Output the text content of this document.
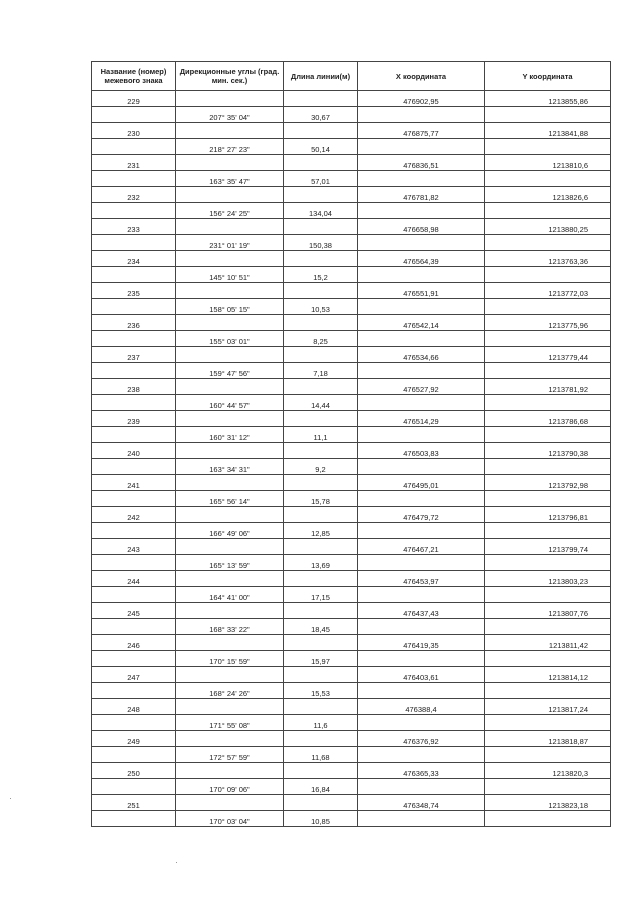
Название (номер) межевого знака	Дирекционные углы (град. мин. сек.)	Длина линии(м)	X координата	Y координата
229			476902,95	1213855,86
	207° 35' 04"	30,67		
230			476875,77	1213841,88
	218° 27' 23"	50,14		
231			476836,51	1213810,6
	163° 35' 47"	57,01		
232			476781,82	1213826,6
	156° 24' 25"	134,04		
233			476658,98	1213880,25
	231° 01' 19"	150,38		
234			476564,39	1213763,36
	145° 10' 51"	15,2		
235			476551,91	1213772,03
	158° 05' 15"	10,53		
236			476542,14	1213775,96
	155° 03' 01"	8,25		
237			476534,66	1213779,44
	159° 47' 56"	7,18		
238			476527,92	1213781,92
	160° 44' 57"	14,44		
239			476514,29	1213786,68
	160° 31' 12"	11,1		
240			476503,83	1213790,38
	163° 34' 31"	9,2		
241			476495,01	1213792,98
	165° 56' 14"	15,78		
242			476479,72	1213796,81
	166° 49' 06"	12,85		
243			476467,21	1213799,74
	165° 13' 59"	13,69		
244			476453,97	1213803,23
	164° 41' 00"	17,15		
245			476437,43	1213807,76
	168° 33' 22"	18,45		
246			476419,35	1213811,42
	170° 15' 59"	15,97		
247			476403,61	1213814,12
	168° 24' 26"	15,53		
248			476388,4	1213817,24
	171° 55' 08"	11,6		
249			476376,92	1213818,87
	172° 57' 59"	11,68		
250			476365,33	1213820,3
	170° 09' 06"	16,84		
251			476348,74	1213823,18
	170° 03' 04"	10,85		
